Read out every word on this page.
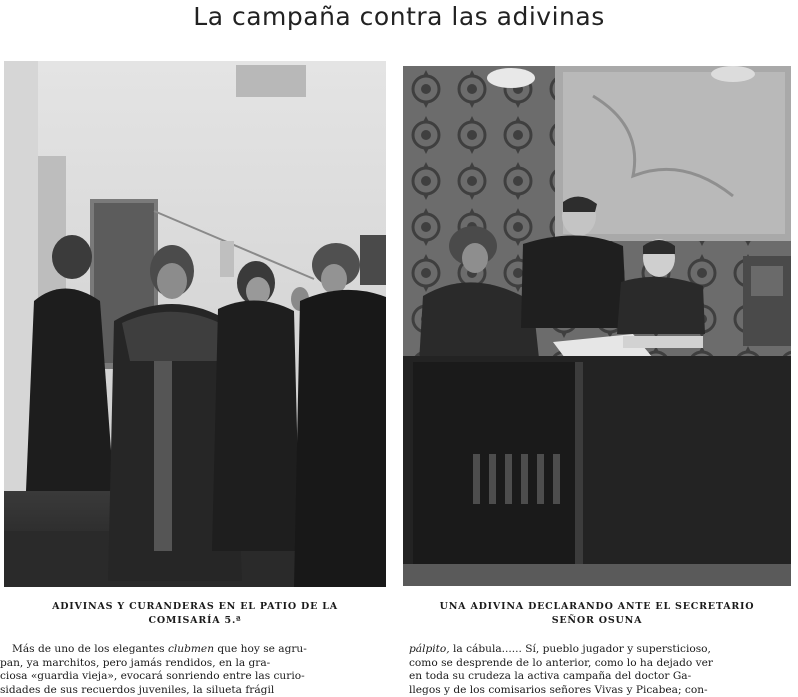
La campaña contra las adivinas
ADIVINAS Y CURANDERAS EN EL PATIO DE LA
COMISARÍA 5.ª
UNA ADIVINA DECLARANDO ANTE EL SECRETARIO
SEÑOR OSUNA
Más de uno de los elegantes clubmen que hoy se agru-
pan, ya marchitos, pero jamás rendidos, en la gra-
ciosa «guardia vieja», evocará sonriendo entre las curio-
sidades de sus recuerdos juveniles, la silueta frágil
pálpito, la cábula...... Sí, pueblo jugador y supersticioso,
como se desprende de lo anterior, como lo ha dejado ver
en toda su crudeza la activa campaña del doctor Ga-
llegos y de los comisarios señores Vivas y Picabea; con-
